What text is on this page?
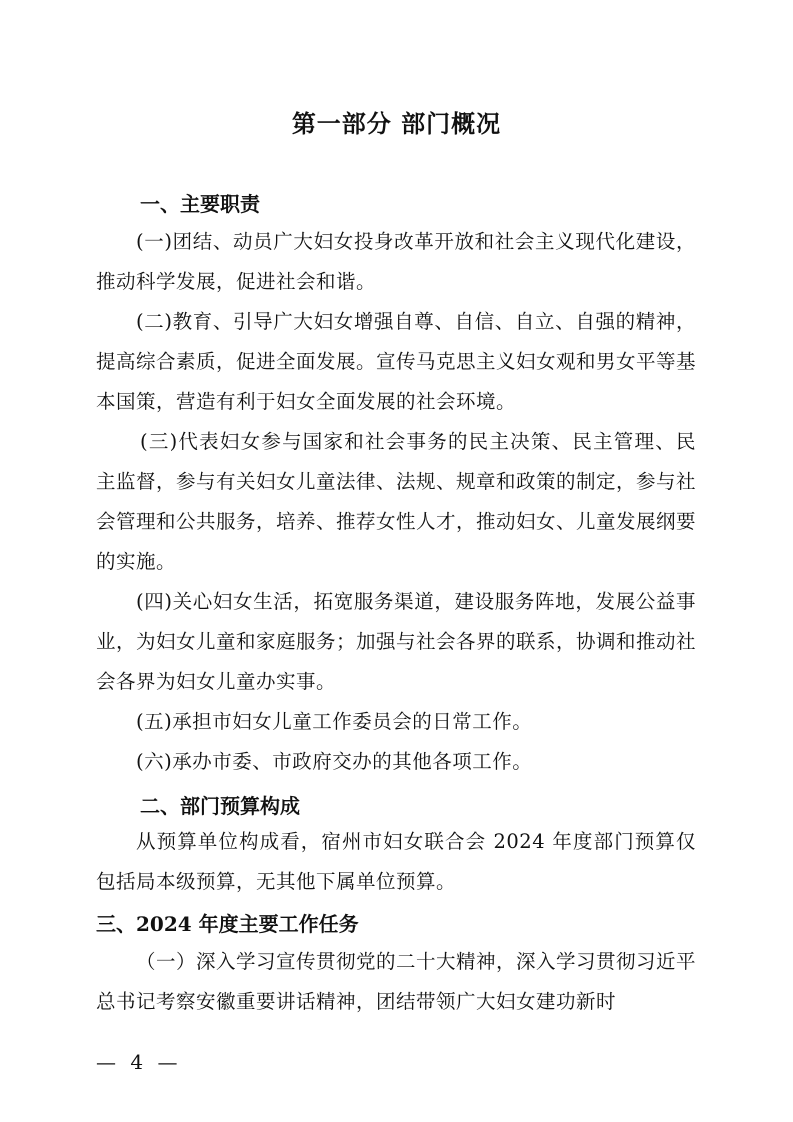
第一部分 部门概况
一、主要职责
(一)团结、动员广大妇女投身改革开放和社会主义现代化建设，推动科学发展，促进社会和谐。
(二)教育、引导广大妇女增强自尊、自信、自立、自强的精神，提高综合素质，促进全面发展。宣传马克思主义妇女观和男女平等基本国策，营造有利于妇女全面发展的社会环境。
(三)代表妇女参与国家和社会事务的民主决策、民主管理、民主监督，参与有关妇女儿童法律、法规、规章和政策的制定，参与社会管理和公共服务，培养、推荐女性人才，推动妇女、儿童发展纲要的实施。
(四)关心妇女生活，拓宽服务渠道，建设服务阵地，发展公益事业，为妇女儿童和家庭服务；加强与社会各界的联系，协调和推动社会各界为妇女儿童办实事。
(五)承担市妇女儿童工作委员会的日常工作。
(六)承办市委、市政府交办的其他各项工作。
二、部门预算构成
从预算单位构成看，宿州市妇女联合会 2024 年度部门预算仅包括局本级预算，无其他下属单位预算。
三、2024 年度主要工作任务
（一）深入学习宣传贯彻党的二十大精神，深入学习贯彻习近平总书记考察安徽重要讲话精神，团结带领广大妇女建功新时
— 4 —
